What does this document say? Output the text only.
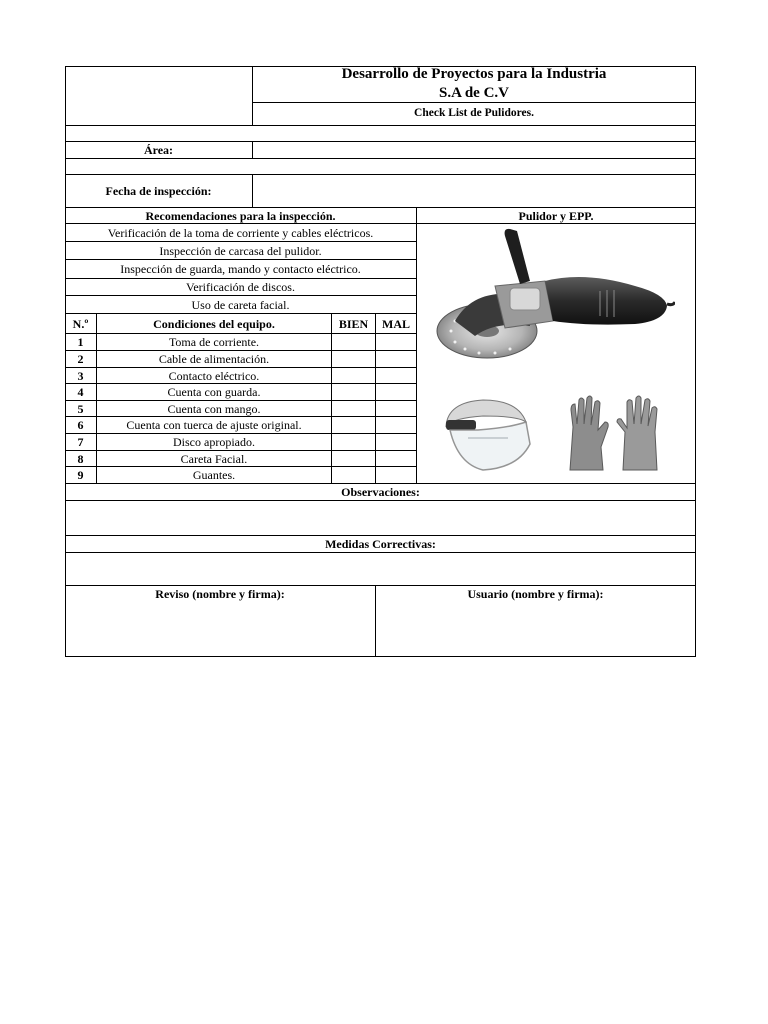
Desarrollo de Proyectos para la Industria
S.A de C.V
Check List de Pulidores.
Área:
Fecha de inspección:
Recomendaciones para la inspección.
Verificación de la toma de corriente y cables eléctricos.
Inspección de carcasa del pulidor.
Inspección de guarda, mando y contacto eléctrico.
Verificación de discos.
Uso de careta facial.
Pulidor y EPP.
N.º	Condiciones del equipo.	BIEN	MAL
1	Toma de corriente.
2	Cable de alimentación.
3	Contacto eléctrico.
4	Cuenta con guarda.
5	Cuenta con mango.
6	Cuenta con tuerca de ajuste original.
7	Disco apropiado.
8	Careta Facial.
9	Guantes.
Observaciones:
Medidas Correctivas:
Reviso (nombre y firma):	Usuario (nombre y firma):
